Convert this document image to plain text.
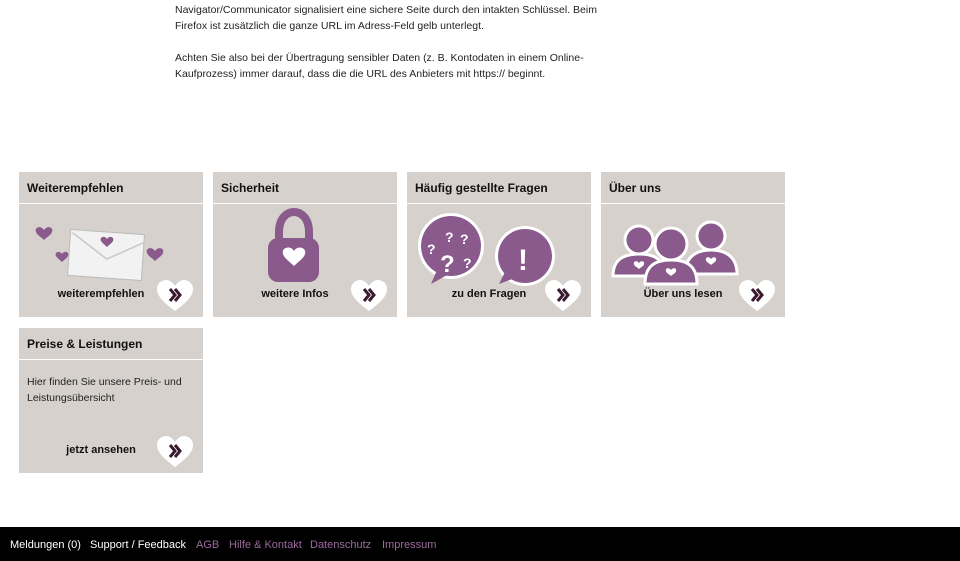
Navigator/Communicator signalisiert eine sichere Seite durch den intakten Schlüssel. Beim Firefox ist zusätzlich die ganze URL im Adress-Feld gelb unterlegt.

Achten Sie also bei der Übertragung sensibler Daten (z. B. Kontodaten in einem Online-Kaufprozess) immer darauf, dass die die URL des Anbieters mit https:// beginnt.

Weiterempfehlen
weiterempfehlen
Sicherheit
weitere Infos
Häufig gestellte Fragen
? ?
?
? ? !
zu den Fragen
Über uns
Über uns lesen
Preise & Leistungen
Hier finden Sie unsere Preis- und Leistungsübersicht
jetzt ansehen
Meldungen (0) Support / Feedback AGB Hilfe & Kontakt Datenschutz Impressum
